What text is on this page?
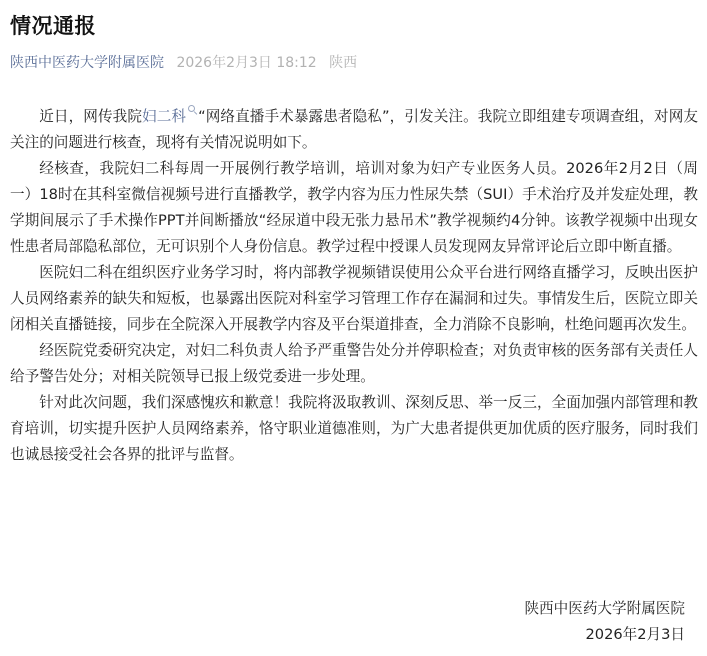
情况通报
陕西中医药大学附属医院 2026年2月3日 18:12 陕西

近日，网传我院妇二科 “网络直播手术暴露患者隐私”，引发关注。我院立即组建专项调查组，对网友关注的问题进行核查，现将有关情况说明如下。

经核查，我院妇二科每周一开展例行教学培训，培训对象为妇产专业医务人员。2026年2月2日（周一）18时在其科室微信视频号进行直播教学，教学内容为压力性尿失禁（SUI）手术治疗及并发症处理，教学期间展示了手术操作PPT并间断播放“经尿道中段无张力悬吊术”教学视频约4分钟。该教学视频中出现女性患者局部隐私部位，无可识别个人身份信息。教学过程中授课人员发现网友异常评论后立即中断直播。

医院妇二科在组织医疗业务学习时，将内部教学视频错误使用公众平台进行网络直播学习，反映出医护人员网络素养的缺失和短板，也暴露出医院对科室学习管理工作存在漏洞和过失。事情发生后，医院立即关闭相关直播链接，同步在全院深入开展教学内容及平台渠道排查，全力消除不良影响，杜绝问题再次发生。

经医院党委研究决定，对妇二科负责人给予严重警告处分并停职检查；对负责审核的医务部有关责任人给予警告处分；对相关院领导已报上级党委进一步处理。

针对此次问题，我们深感愧疚和歉意！我院将汲取教训、深刻反思、举一反三，全面加强内部管理和教育培训，切实提升医护人员网络素养，恪守职业道德准则，为广大患者提供更加优质的医疗服务，同时我们也诚恳接受社会各界的批评与监督。

陕西中医药大学附属医院
2026年2月3日
